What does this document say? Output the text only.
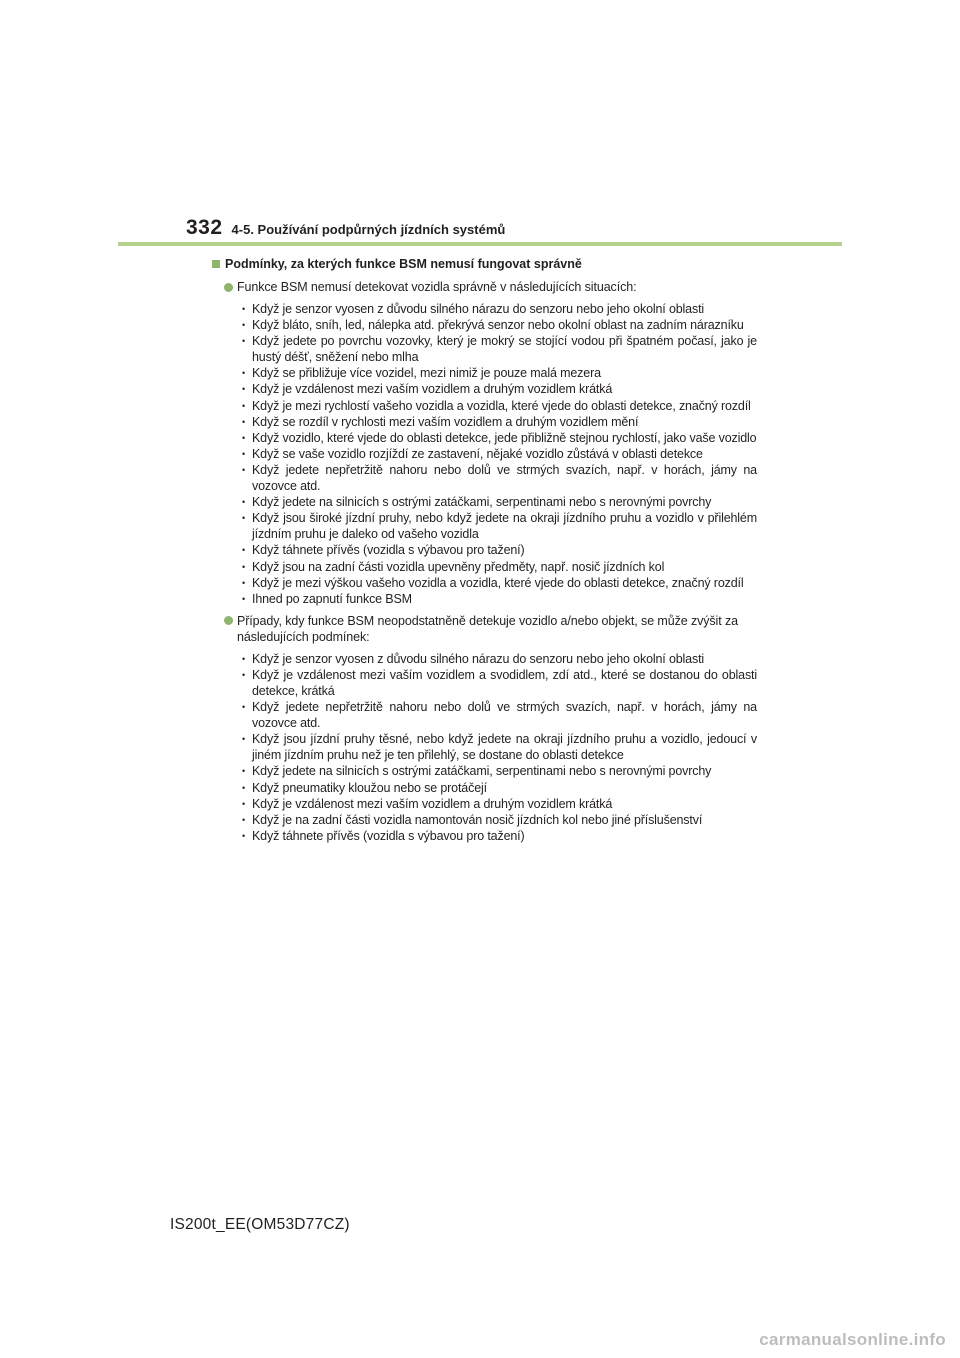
332 4-5. Používání podpůrných jízdních systémů
Podmínky, za kterých funkce BSM nemusí fungovat správně
Funkce BSM nemusí detekovat vozidla správně v následujících situacích:
• Když je senzor vyosen z důvodu silného nárazu do senzoru nebo jeho okolní oblasti
• Když bláto, sníh, led, nálepka atd. překrývá senzor nebo okolní oblast na zadním nárazníku
• Když jedete po povrchu vozovky, který je mokrý se stojící vodou při špatném počasí, jako je hustý déšť, sněžení nebo mlha
• Když se přibližuje více vozidel, mezi nimiž je pouze malá mezera
• Když je vzdálenost mezi vaším vozidlem a druhým vozidlem krátká
• Když je mezi rychlostí vašeho vozidla a vozidla, které vjede do oblasti detekce, značný rozdíl
• Když se rozdíl v rychlosti mezi vaším vozidlem a druhým vozidlem mění
• Když vozidlo, které vjede do oblasti detekce, jede přibližně stejnou rychlostí, jako vaše vozidlo
• Když se vaše vozidlo rozjíždí ze zastavení, nějaké vozidlo zůstává v oblasti detekce
• Když jedete nepřetržitě nahoru nebo dolů ve strmých svazích, např. v horách, jámy na vozovce atd.
• Když jedete na silnicích s ostrými zatáčkami, serpentinami nebo s nerovnými povrchy
• Když jsou široké jízdní pruhy, nebo když jedete na okraji jízdního pruhu a vozidlo v přilehlém jízdním pruhu je daleko od vašeho vozidla
• Když táhnete přívěs (vozidla s výbavou pro tažení)
• Když jsou na zadní části vozidla upevněny předměty, např. nosič jízdních kol
• Když je mezi výškou vašeho vozidla a vozidla, které vjede do oblasti detekce, značný rozdíl
• Ihned po zapnutí funkce BSM
Případy, kdy funkce BSM neopodstatněně detekuje vozidlo a/nebo objekt, se může zvýšit za následujících podmínek:
• Když je senzor vyosen z důvodu silného nárazu do senzoru nebo jeho okolní oblasti
• Když je vzdálenost mezi vaším vozidlem a svodidlem, zdí atd., které se dostanou do oblasti detekce, krátká
• Když jedete nepřetržitě nahoru nebo dolů ve strmých svazích, např. v horách, jámy na vozovce atd.
• Když jsou jízdní pruhy těsné, nebo když jedete na okraji jízdního pruhu a vozidlo, jedoucí v jiném jízdním pruhu než je ten přilehlý, se dostane do oblasti detekce
• Když jedete na silnicích s ostrými zatáčkami, serpentinami nebo s nerovnými povrchy
• Když pneumatiky kloužou nebo se protáčejí
• Když je vzdálenost mezi vaším vozidlem a druhým vozidlem krátká
• Když je na zadní části vozidla namontován nosič jízdních kol nebo jiné příslušenství
• Když táhnete přívěs (vozidla s výbavou pro tažení)
IS200t_EE(OM53D77CZ)
carmanualsonline.info
